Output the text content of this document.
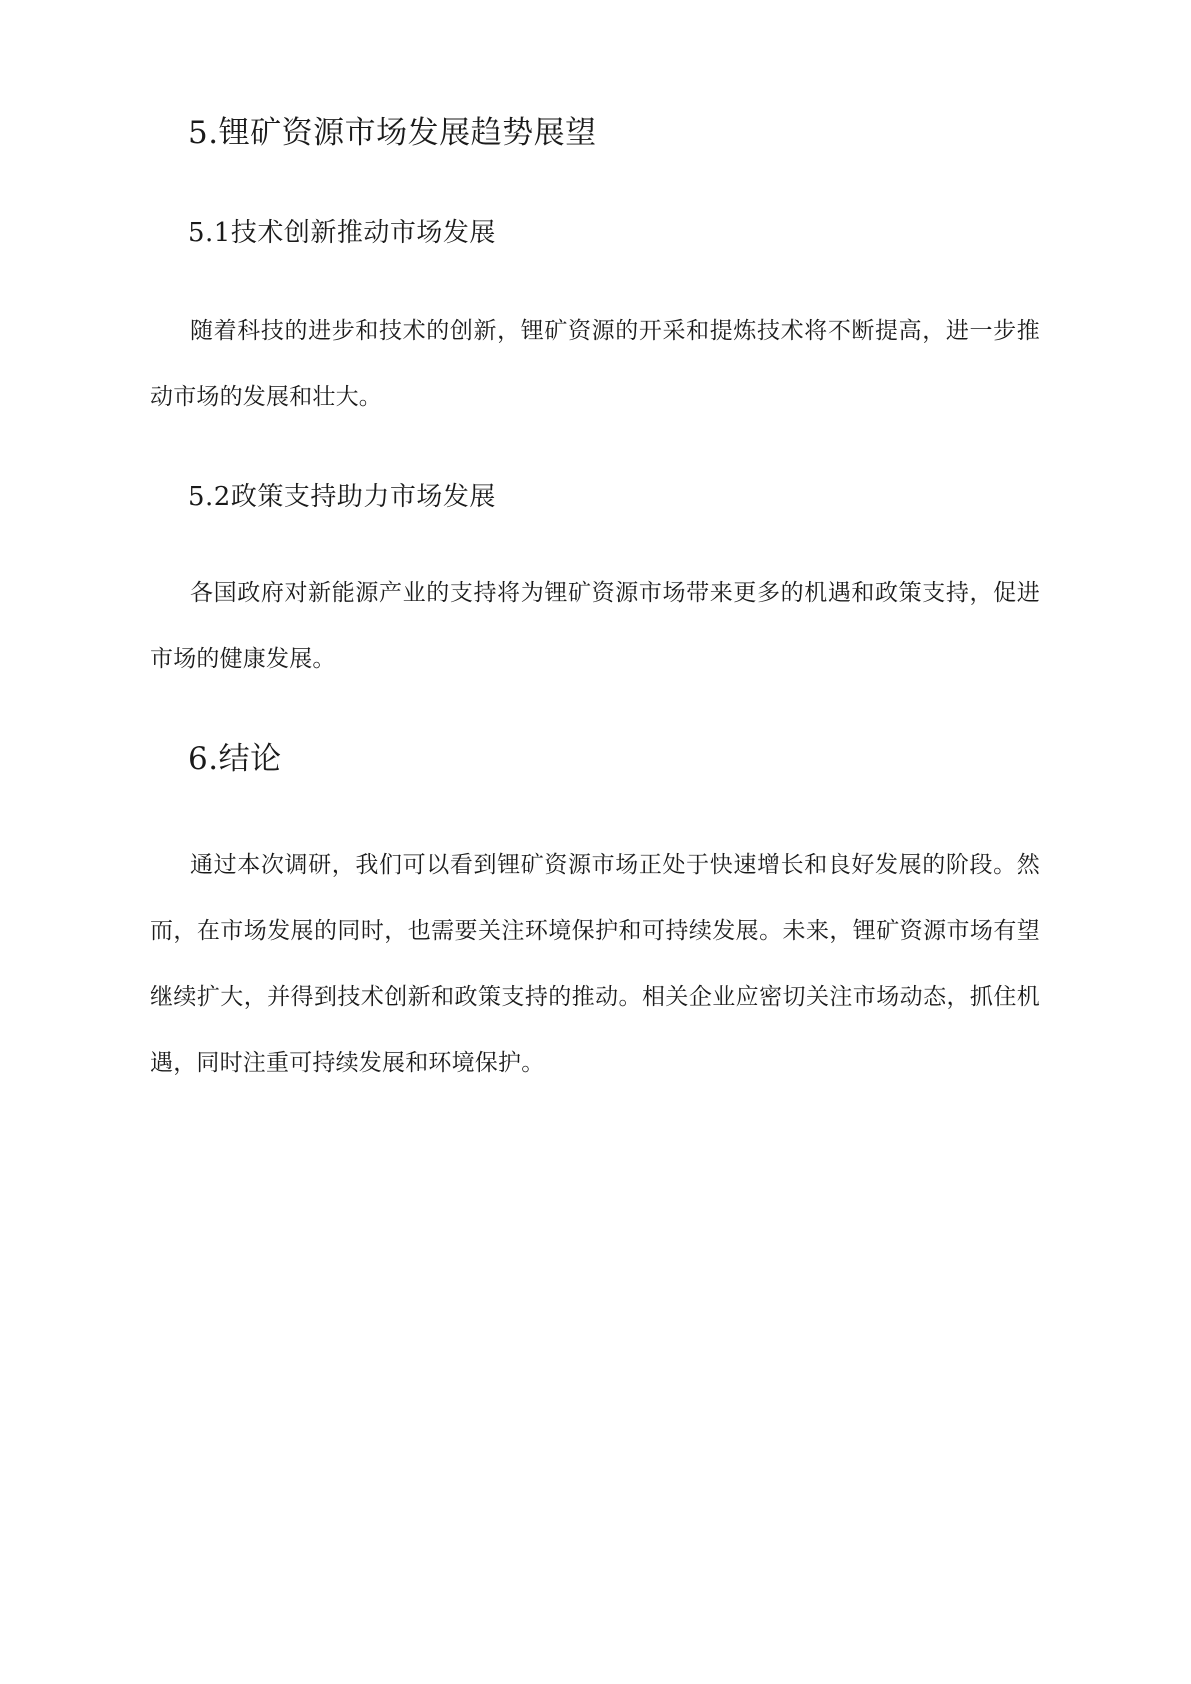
5.锂矿资源市场发展趋势展望
5.1技术创新推动市场发展

随着科技的进步和技术的创新，锂矿资源的开采和提炼技术将不断提高，进一步推动市场的发展和壮大。

5.2政策支持助力市场发展

各国政府对新能源产业的支持将为锂矿资源市场带来更多的机遇和政策支持，促进市场的健康发展。

6.结论

通过本次调研，我们可以看到锂矿资源市场正处于快速增长和良好发展的阶段。然而，在市场发展的同时，也需要关注环境保护和可持续发展。未来，锂矿资源市场有望继续扩大，并得到技术创新和政策支持的推动。相关企业应密切关注市场动态，抓住机遇，同时注重可持续发展和环境保护。
